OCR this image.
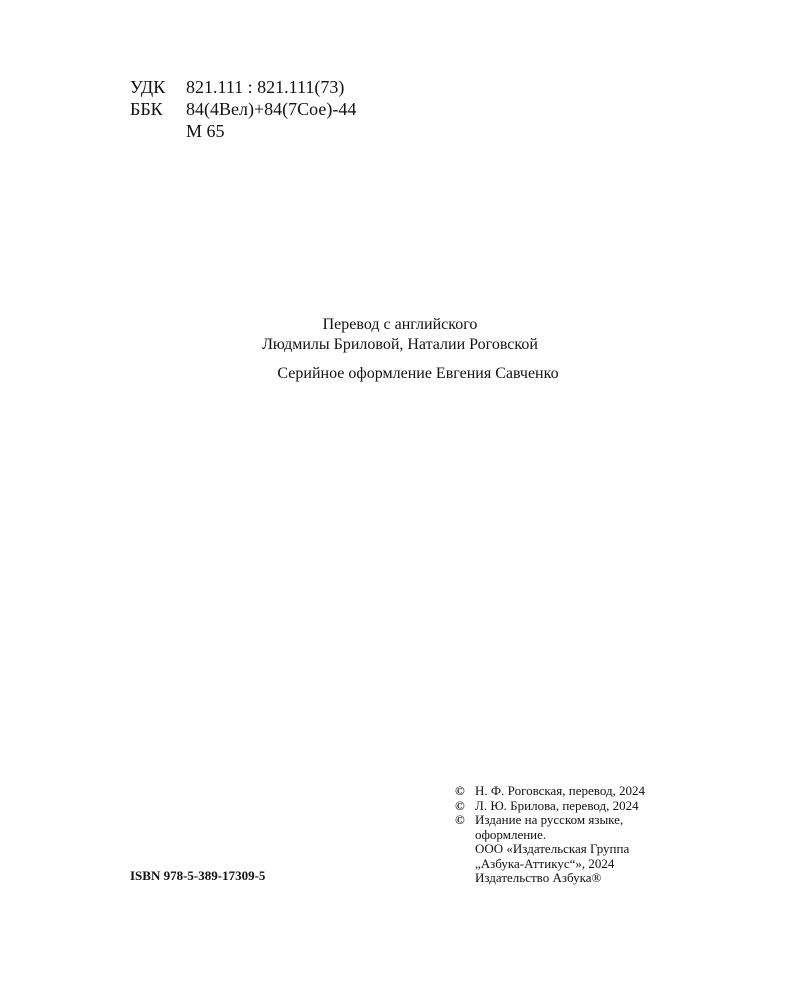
УДК	821.111 : 821.111(73)
ББК	84(4Вел)+84(7Сое)-44
М 65
Перевод с английского
Людмилы Бриловой, Наталии Роговской
Серийное оформление Евгения Савченко
ISBN 978-5-389-17309-5
© Н. Ф. Роговская, перевод, 2024
© Л. Ю. Брилова, перевод, 2024
© Издание на русском языке,
оформление.
ООО «Издательская Группа
„Азбука-Аттикус“», 2024
Издательство Азбука®
